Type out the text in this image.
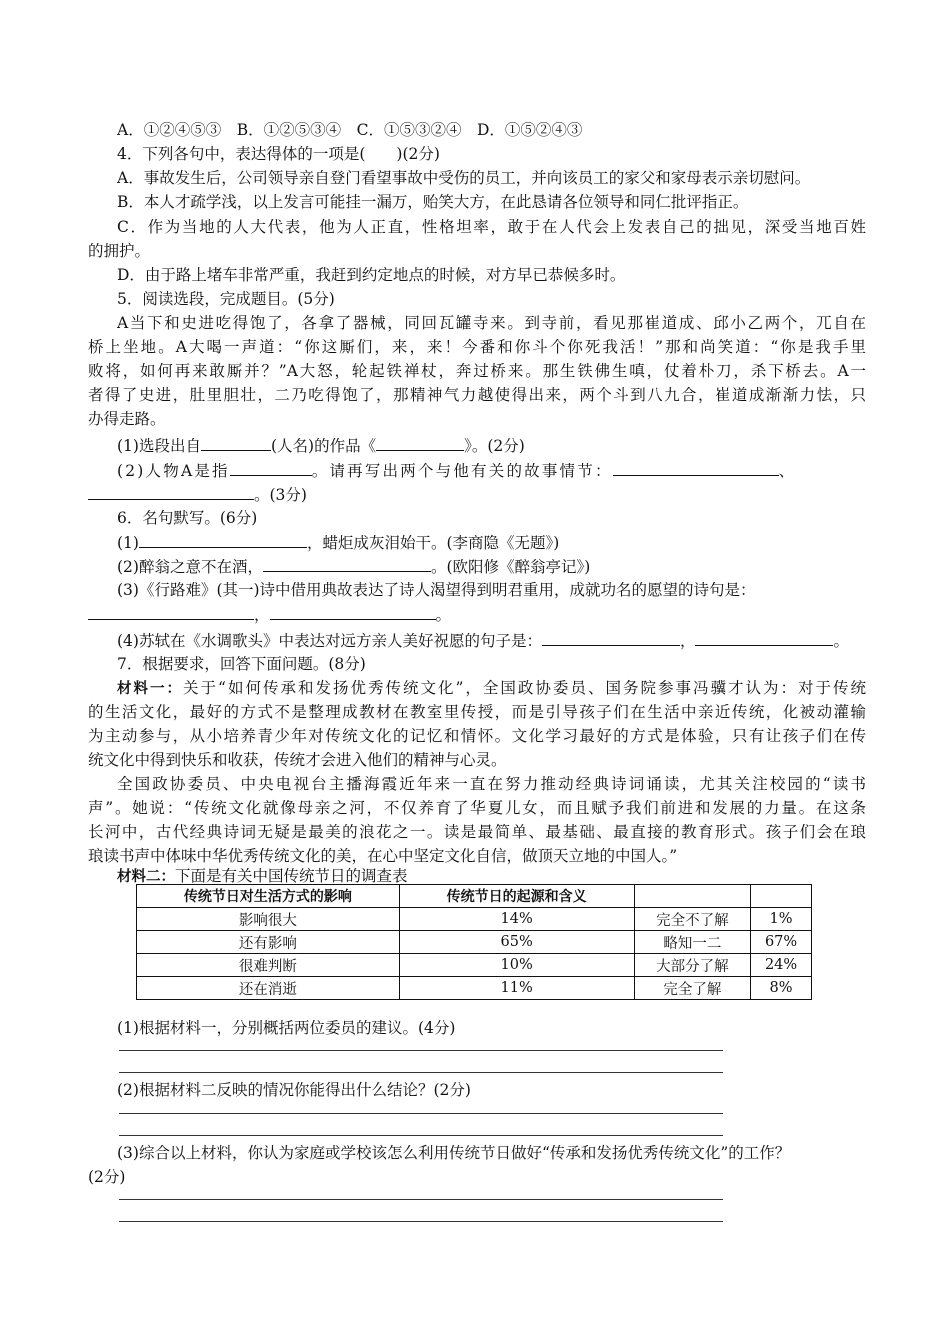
A．①②④⑤③　B．①②⑤③④　C．①⑤③②④　D．①⑤②④③
4．下列各句中，表达得体的一项是(　　)(2分)
A．事故发生后，公司领导亲自登门看望事故中受伤的员工，并向该员工的家父和家母表示亲切慰问。
B．本人才疏学浅，以上发言可能挂一漏万，贻笑大方，在此恳请各位领导和同仁批评指正。
C．作为当地的人大代表，他为人正直，性格坦率，敢于在人代会上发表自己的拙见，深受当地百姓
的拥护。
D．由于路上堵车非常严重，我赶到约定地点的时候，对方早已恭候多时。
5．阅读选段，完成题目。(5分)
A当下和史进吃得饱了，各拿了器械，同回瓦罐寺来。到寺前，看见那崔道成、邱小乙两个，兀自在
桥上坐地。A大喝一声道：“你这厮们，来，来！今番和你斗个你死我活！”那和尚笑道：“你是我手里
败将，如何再来敢厮并？”A大怒，轮起铁禅杖，奔过桥来。那生铁佛生嗔，仗着朴刀，杀下桥去。A一
者得了史进，肚里胆壮，二乃吃得饱了，那精神气力越使得出来，两个斗到八九合，崔道成渐渐力怯，只
办得走路。
(1)选段出自	(人名)的作品《	》。(2分)
(2)人物A是指	。请再写出两个与他有关的故事情节：	、
。(3分)
6．名句默写。(6分)
(1)	，蜡炬成灰泪始干。(李商隐《无题》)
(2)醉翁之意不在酒，	。(欧阳修《醉翁亭记》)
(3)《行路难》(其一)诗中借用典故表达了诗人渴望得到明君重用，成就功名的愿望的诗句是：
，	。
(4)苏轼在《水调歌头》中表达对远方亲人美好祝愿的句子是：	，	。
7．根据要求，回答下面问题。(8分)
材料一：关于“如何传承和发扬优秀传统文化”，全国政协委员、国务院参事冯骥才认为：对于传统
的生活文化，最好的方式不是整理成教材在教室里传授，而是引导孩子们在生活中亲近传统，化被动灌输
为主动参与，从小培养青少年对传统文化的记忆和情怀。文化学习最好的方式是体验，只有让孩子们在传
统文化中得到快乐和收获，传统才会进入他们的精神与心灵。
全国政协委员、中央电视台主播海霞近年来一直在努力推动经典诗词诵读，尤其关注校园的“读书
声”。她说：“传统文化就像母亲之河，不仅养育了华夏儿女，而且赋予我们前进和发展的力量。在这条
长河中，古代经典诗词无疑是最美的浪花之一。读是最简单、最基础、最直接的教育形式。孩子们会在琅
琅读书声中体味中华优秀传统文化的美，在心中坚定文化自信，做顶天立地的中国人。”
材料二：下面是有关中国传统节日的调查表
传统节日对生活方式的影响	传统节日的起源和含义		
影响很大	14%	完全不了解	1%
还有影响	65%	略知一二	67%
很难判断	10%	大部分了解	24%
还在消逝	11%	完全了解	8%
(1)根据材料一，分别概括两位委员的建议。(4分)
(2)根据材料二反映的情况你能得出什么结论？(2分)
(3)综合以上材料，你认为家庭或学校该怎么利用传统节日做好“传承和发扬优秀传统文化”的工作？
(2分)
